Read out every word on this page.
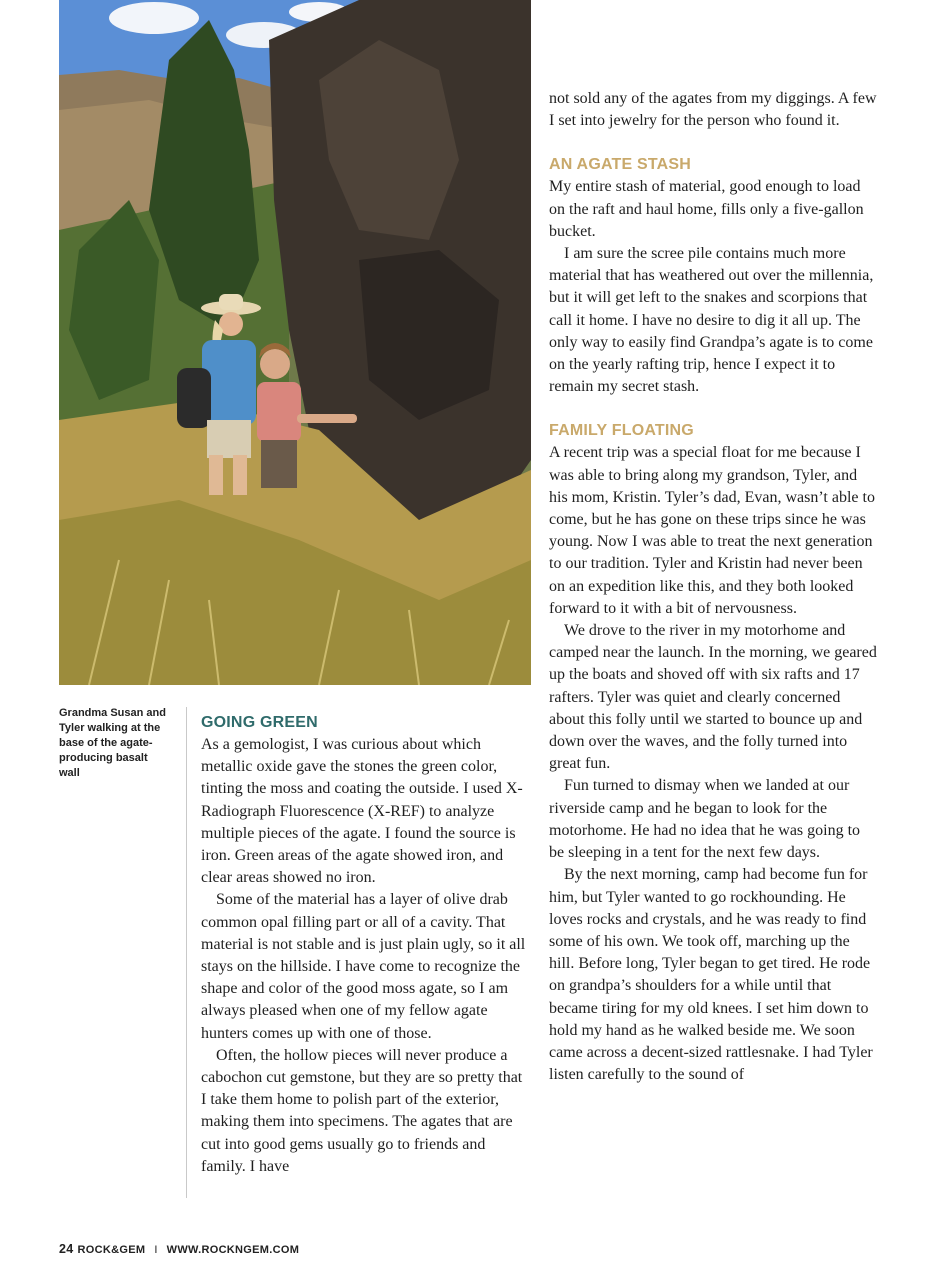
Grandma Susan and Tyler walking at the base of the agate-producing basalt wall
GOING GREEN

As a gemologist, I was curious about which metallic oxide gave the stones the green color, tinting the moss and coating the outside. I used X-Radiograph Fluorescence (X-REF) to analyze multiple pieces of the agate. I found the source is iron. Green areas of the agate showed iron, and clear areas showed no iron.

Some of the material has a layer of olive drab common opal filling part or all of a cavity. That material is not stable and is just plain ugly, so it all stays on the hillside. I have come to recognize the shape and color of the good moss agate, so I am always pleased when one of my fellow agate hunters comes up with one of those.

Often, the hollow pieces will never produce a cabochon cut gemstone, but they are so pretty that I take them home to polish part of the exterior, making them into specimens. The agates that are cut into good gems usually go to friends and family. I have

not sold any of the agates from my diggings. A few I set into jewelry for the person who found it.

AN AGATE STASH

My entire stash of material, good enough to load on the raft and haul home, fills only a five-gallon bucket.

I am sure the scree pile contains much more material that has weathered out over the millennia, but it will get left to the snakes and scorpions that call it home. I have no desire to dig it all up. The only way to easily find Grandpa’s agate is to come on the yearly rafting trip, hence I expect it to remain my secret stash.

FAMILY FLOATING

A recent trip was a special float for me because I was able to bring along my grandson, Tyler, and his mom, Kristin. Tyler’s dad, Evan, wasn’t able to come, but he has gone on these trips since he was young. Now I was able to treat the next generation to our tradition. Tyler and Kristin had never been on an expedition like this, and they both looked forward to it with a bit of nervousness.

We drove to the river in my motorhome and camped near the launch. In the morning, we geared up the boats and shoved off with six rafts and 17 rafters. Tyler was quiet and clearly concerned about this folly until we started to bounce up and down over the waves, and the folly turned into great fun.

Fun turned to dismay when we landed at our riverside camp and he began to look for the motorhome. He had no idea that he was going to be sleeping in a tent for the next few days.

By the next morning, camp had become fun for him, but Tyler wanted to go rockhounding. He loves rocks and crystals, and he was ready to find some of his own. We took off, marching up the hill. Before long, Tyler began to get tired. He rode on grandpa’s shoulders for a while until that became tiring for my old knees. I set him down to hold my hand as he walked beside me. We soon came across a decent-sized rattlesnake. I had Tyler listen carefully to the sound of

24 ROCK&GEM I WWW.ROCKNGEM.COM
